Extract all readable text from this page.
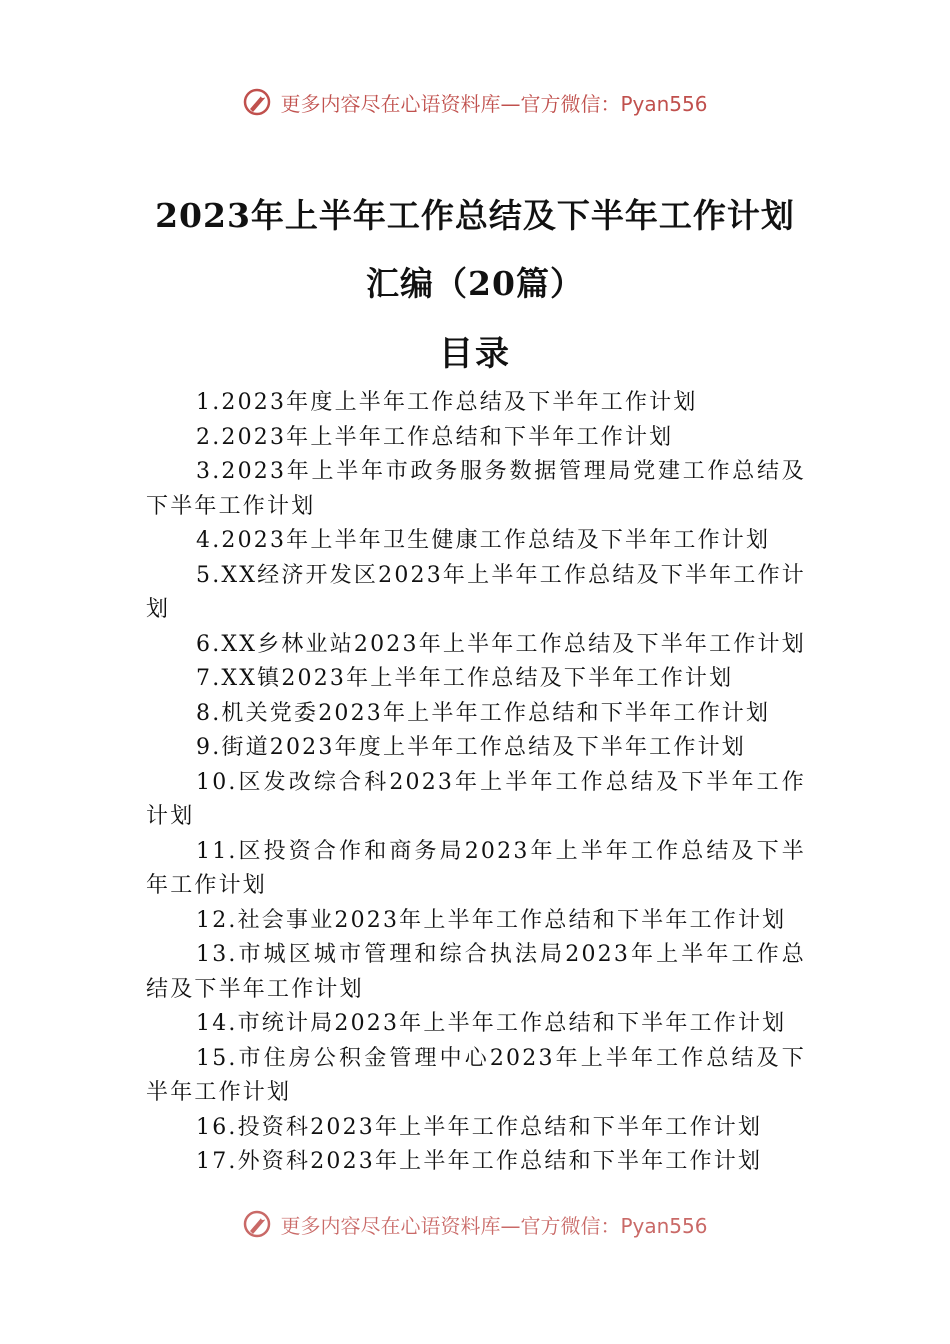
更多内容尽在心语资料库—官方微信：Pyan556
2023年上半年工作总结及下半年工作计划
汇编（20篇）
目录
1.2023年度上半年工作总结及下半年工作计划
2.2023年上半年工作总结和下半年工作计划
3.2023年上半年市政务服务数据管理局党建工作总结及下半年工作计划
4.2023年上半年卫生健康工作总结及下半年工作计划
5.XX经济开发区2023年上半年工作总结及下半年工作计划
6.XX乡林业站2023年上半年工作总结及下半年工作计划
7.XX镇2023年上半年工作总结及下半年工作计划
8.机关党委2023年上半年工作总结和下半年工作计划
9.街道2023年度上半年工作总结及下半年工作计划
10.区发改综合科2023年上半年工作总结及下半年工作计划
11.区投资合作和商务局2023年上半年工作总结及下半年工作计划
12.社会事业2023年上半年工作总结和下半年工作计划
13.市城区城市管理和综合执法局2023年上半年工作总结及下半年工作计划
14.市统计局2023年上半年工作总结和下半年工作计划
15.市住房公积金管理中心2023年上半年工作总结及下半年工作计划
16.投资科2023年上半年工作总结和下半年工作计划
17.外资科2023年上半年工作总结和下半年工作计划
更多内容尽在心语资料库—官方微信：Pyan556
